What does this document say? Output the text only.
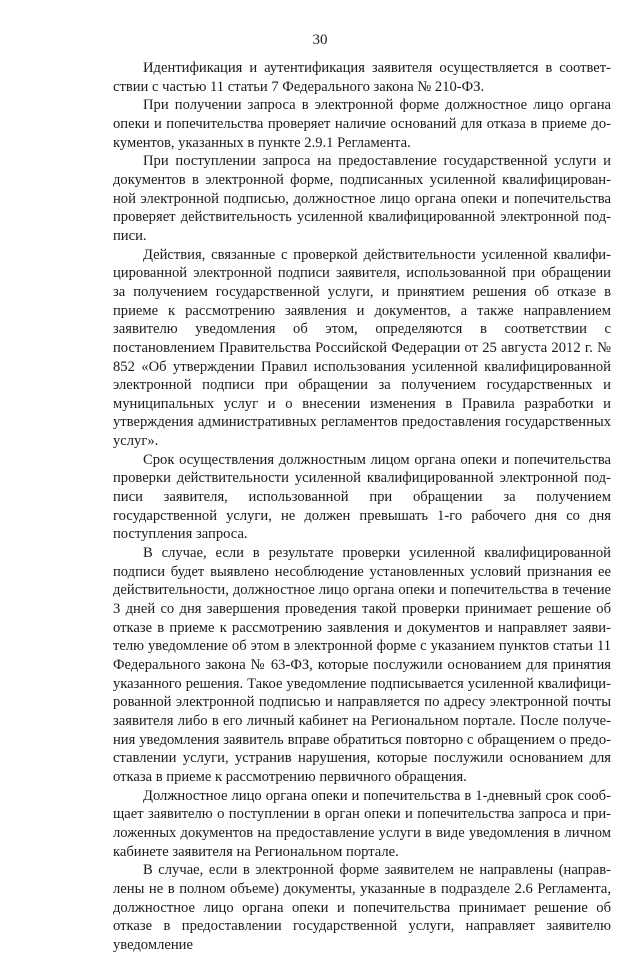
30

Идентификация и аутентификация заявителя осуществляется в соответствии с частью 11 статьи 7 Федерального закона № 210-ФЗ.

При получении запроса в электронной форме должностное лицо органа опеки и попечительства проверяет наличие оснований для отказа в приеме документов, указанных в пункте 2.9.1 Регламента.

При поступлении запроса на предоставление государственной услуги и документов в электронной форме, подписанных усиленной квалифицированной электронной подписью, должностное лицо органа опеки и попечительства проверяет действительность усиленной квалифицированной электронной подписи.

Действия, связанные с проверкой действительности усиленной квалифицированной электронной подписи заявителя, использованной при обращении за получением государственной услуги, и принятием решения об отказе в приеме к рассмотрению заявления и документов, а также направлением заявителю уведомления об этом, определяются в соответствии с постановлением Правительства Российской Федерации от 25 августа 2012 г. № 852 «Об утверждении Правил использования усиленной квалифицированной электронной подписи при обращении за получением государственных и муниципальных услуг и о внесении изменения в Правила разработки и утверждения административных регламентов предоставления государственных услуг».

Срок осуществления должностным лицом органа опеки и попечительства проверки действительности усиленной квалифицированной электронной подписи заявителя, использованной при обращении за получением государственной услуги, не должен превышать 1-го рабочего дня со дня поступления запроса.

В случае, если в результате проверки усиленной квалифицированной подписи будет выявлено несоблюдение установленных условий признания ее действительности, должностное лицо органа опеки и попечительства в течение 3 дней со дня завершения проведения такой проверки принимает решение об отказе в приеме к рассмотрению заявления и документов и направляет заявителю уведомление об этом в электронной форме с указанием пунктов статьи 11 Федерального закона № 63-ФЗ, которые послужили основанием для принятия указанного решения. Такое уведомление подписывается усиленной квалифицированной электронной подписью и направляется по адресу электронной почты заявителя либо в его личный кабинет на Региональном портале. После получения уведомления заявитель вправе обратиться повторно с обращением о предоставлении услуги, устранив нарушения, которые послужили основанием для отказа в приеме к рассмотрению первичного обращения.

Должностное лицо органа опеки и попечительства в 1-дневный срок сообщает заявителю о поступлении в орган опеки и попечительства запроса и приложенных документов на предоставление услуги в виде уведомления в личном кабинете заявителя на Региональном портале.

В случае, если в электронной форме заявителем не направлены (направлены не в полном объеме) документы, указанные в подразделе 2.6 Регламента, должностное лицо органа опеки и попечительства принимает решение об отказе в предоставлении государственной услуги, направляет заявителю уведомление
